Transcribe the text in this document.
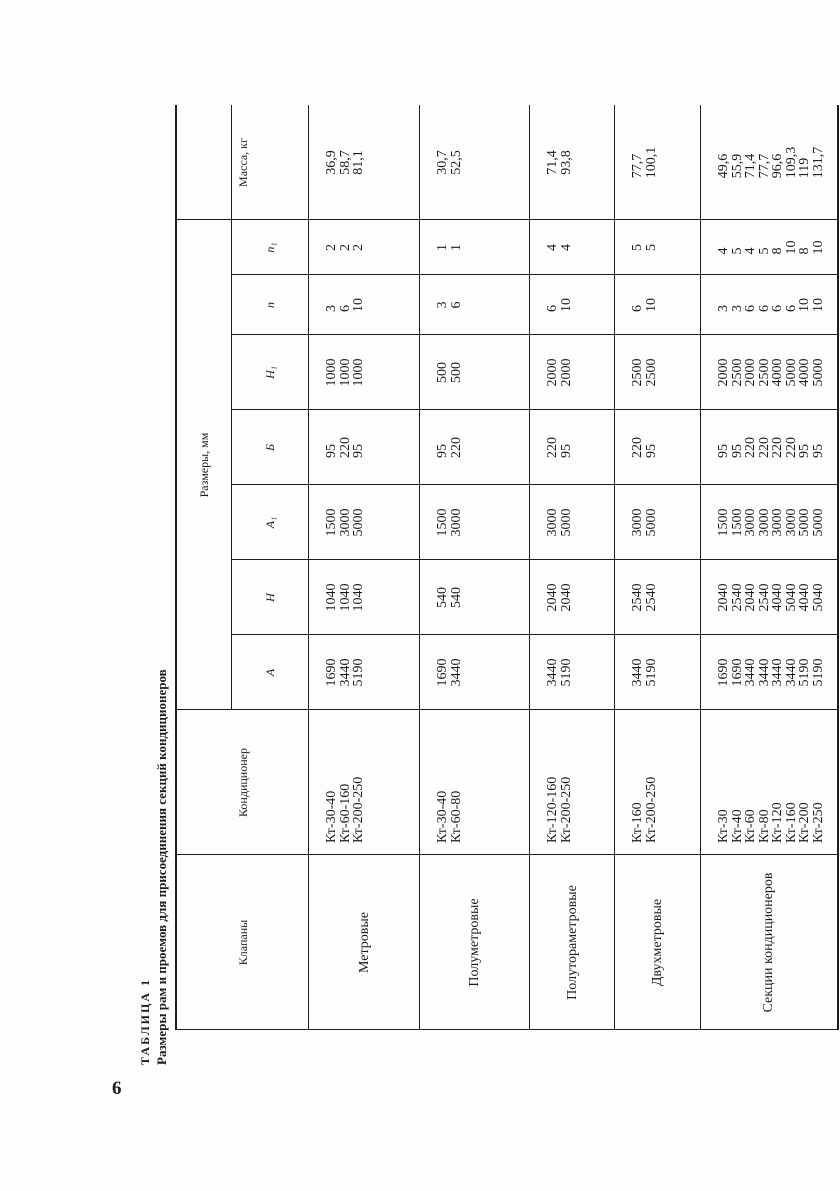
6
ТАБЛИЦА 1 Размеры рам и проемов для присоединения секций кондиционеров	Клапаны
Кондиционер
Размеры, мм
А
Н
А₁
Б
Н₁
n
n₁
Масса, кг
Метровые
Кт-30-40
Кт-60-160
Кт-200-250
1690
3440
5190
1040
1040
1040
1500
3000
5000
95
220
95
1000
1000
1000
3
6
10
2
2
2
36,9
58,7
81,1
Полуметровые
Кт-30-40
Кт-60-80
1690
3440
540
540
1500
3000
95
220
500
500
3
6
1
1
30,7
52,5
Полутораметровые
Кт-120-160
Кт-200-250
3440
5190
2040
2040
3000
5000
220
95
2000
2000
6
10
4
4
71,4
93,8
Двухметровые
Кт-160
Кт-200-250
3440
5190
2540
2540
3000
5000
220
95
2500
2500
6
10
5
5
77,7
100,1
Секции кондиционеров
Кт-30
Кт-40
Кт-60
Кт-80
Кт-120
Кт-160
Кт-200
Кт-250
1690
1690
3440
3440
3440
3440
5190
5190
2040
2540
2040
2540
4040
5040
4040
5040
1500
1500
3000
3000
3000
3000
5000
5000
95
95
220
220
220
220
95
95
2000
2500
2000
2500
4000
5000
4000
5000
3
3
6
6
6
6
10
10
4
5
4
5
8
10
8
10
49,6
55,9
71,4
77,7
96,6
109,3
119
131,7
